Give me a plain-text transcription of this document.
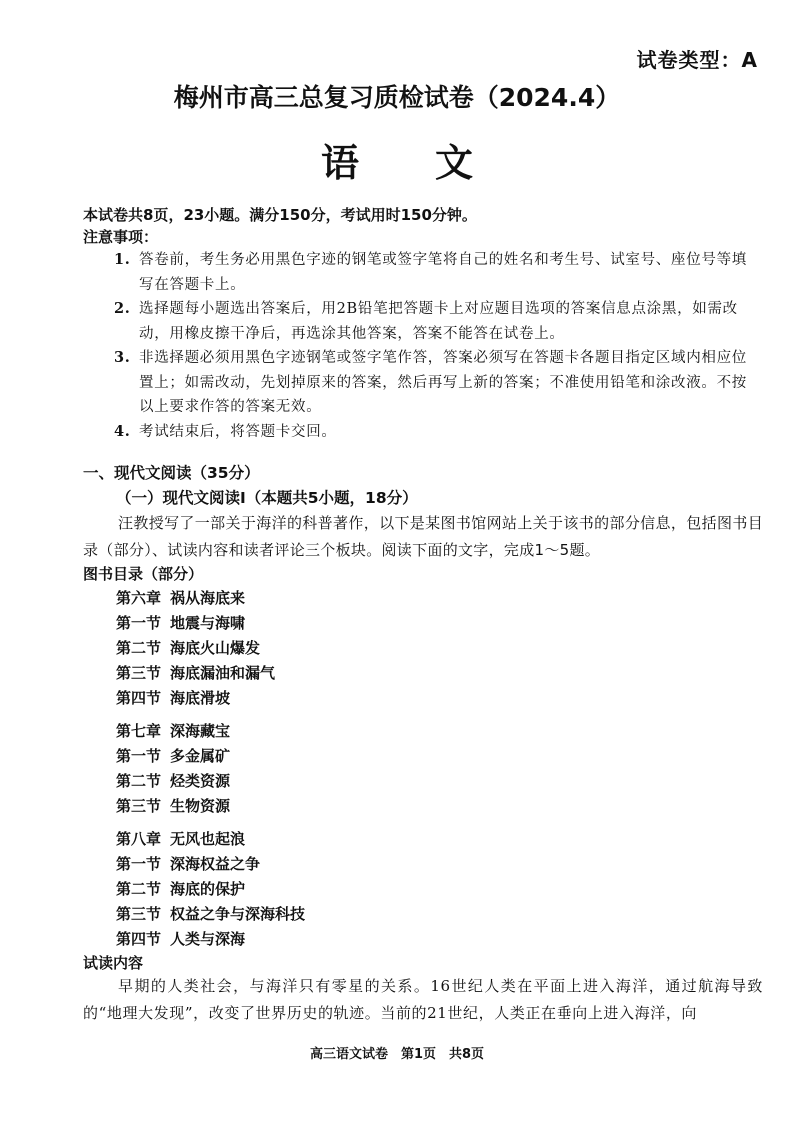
试卷类型：A
梅州市高三总复习质检试卷（2024.4）
语　　文
本试卷共8页，23小题。满分150分，考试用时150分钟。
注意事项：
1. 答卷前，考生务必用黑色字迹的钢笔或签字笔将自己的姓名和考生号、试室号、座位号等填写在答题卡上。
2. 选择题每小题选出答案后，用2B铅笔把答题卡上对应题目选项的答案信息点涂黑，如需改动，用橡皮擦干净后，再选涂其他答案，答案不能答在试卷上。
3. 非选择题必须用黑色字迹钢笔或签字笔作答，答案必须写在答题卡各题目指定区域内相应位置上；如需改动，先划掉原来的答案，然后再写上新的答案；不准使用铅笔和涂改液。不按以上要求作答的答案无效。
4. 考试结束后，将答题卡交回。
一、现代文阅读（35分）
（一）现代文阅读Ⅰ（本题共5小题，18分）
汪教授写了一部关于海洋的科普著作，以下是某图书馆网站上关于该书的部分信息，包括图书目录（部分）、试读内容和读者评论三个板块。阅读下面的文字，完成1～5题。
图书目录（部分）
第六章 祸从海底来
第一节 地震与海啸
第二节 海底火山爆发
第三节 海底漏油和漏气
第四节 海底滑坡
第七章 深海藏宝
第一节 多金属矿
第二节 烃类资源
第三节 生物资源
第八章 无风也起浪
第一节 深海权益之争
第二节 海底的保护
第三节 权益之争与深海科技
第四节 人类与深海
试读内容
早期的人类社会，与海洋只有零星的关系。16世纪人类在平面上进入海洋，通过航海导致的“地理大发现”，改变了世界历史的轨迹。当前的21世纪，人类正在垂向上进入海洋，向
高三语文试卷　第1页　共8页
